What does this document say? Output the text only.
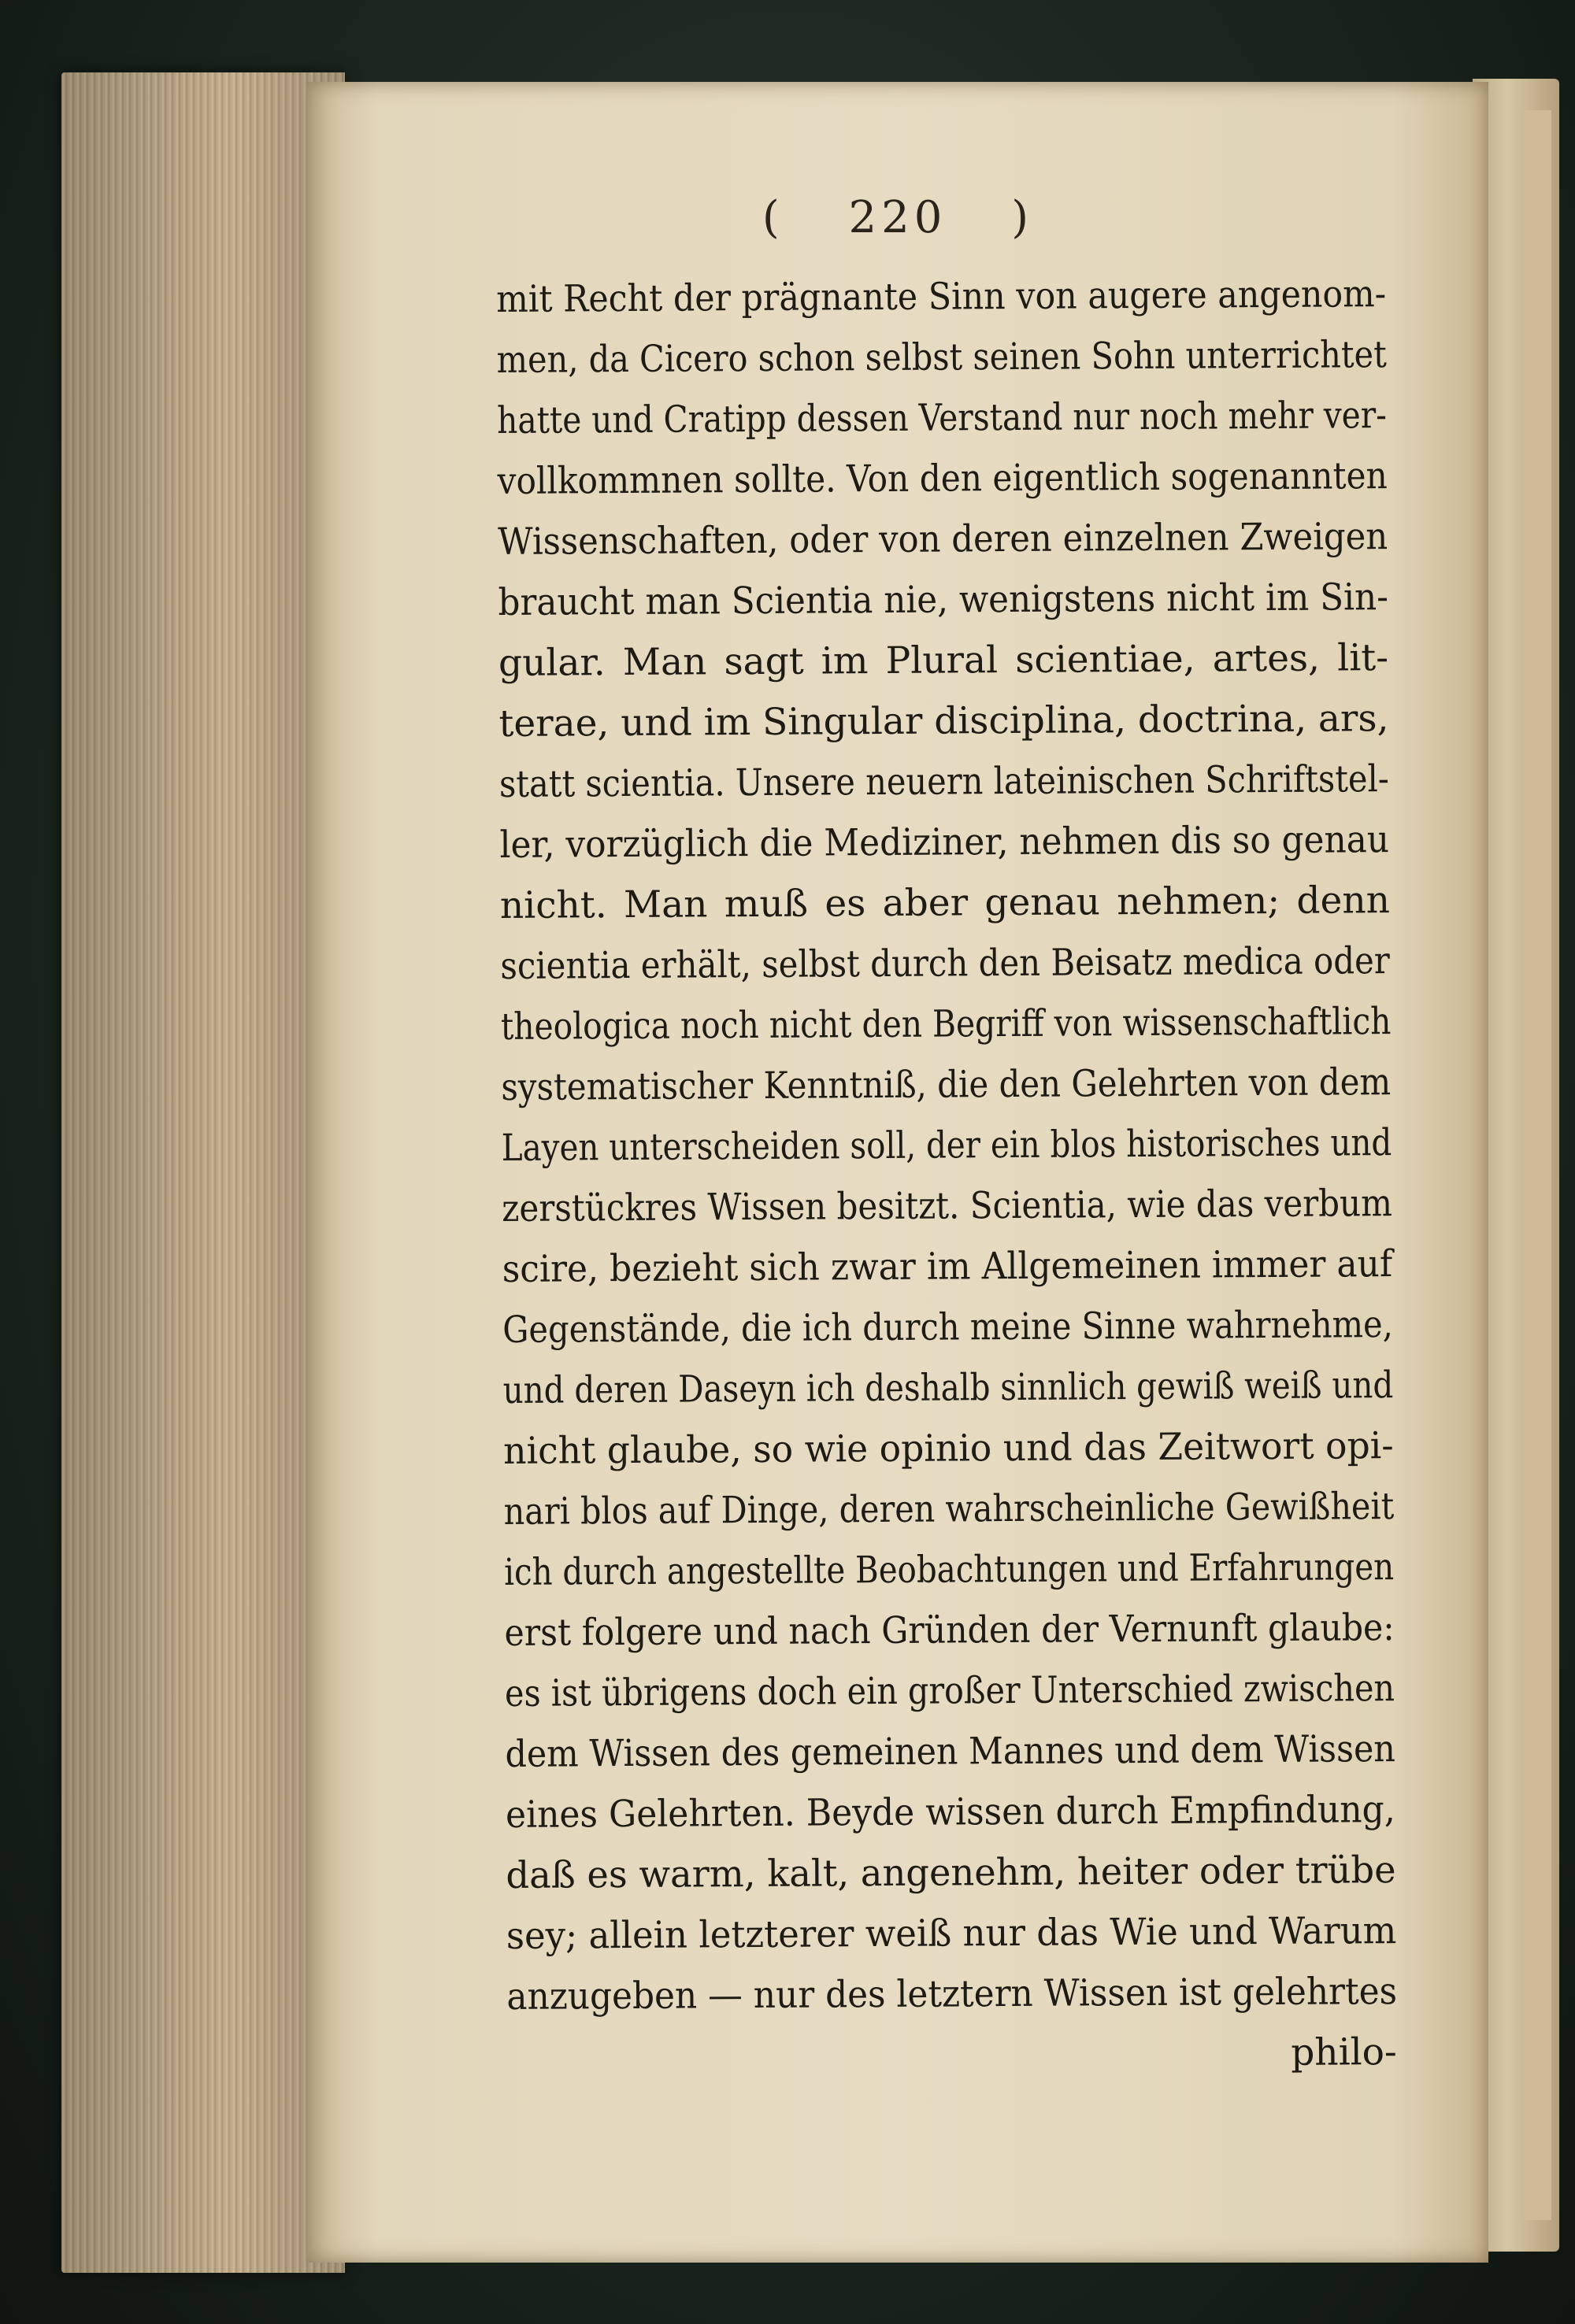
( 220 )
mit Recht der prägnante Sinn von augere angenom-
men, da Cicero schon selbst seinen Sohn unterrichtet
hatte und Cratipp dessen Verstand nur noch mehr ver-
vollkommnen sollte. Von den eigentlich sogenannten
Wissenschaften, oder von deren einzelnen Zweigen
braucht man Scientia nie, wenigstens nicht im Sin-
gular. Man sagt im Plural scientiae, artes, lit-
terae, und im Singular disciplina, doctrina, ars,
statt scientia. Unsere neuern lateinischen Schriftstel-
ler, vorzüglich die Mediziner, nehmen dis so genau
nicht. Man muß es aber genau nehmen; denn
scientia erhält, selbst durch den Beisatz medica oder
theologica noch nicht den Begriff von wissenschaftlich
systematischer Kenntniß, die den Gelehrten von dem
Layen unterscheiden soll, der ein blos historisches und
zerstückres Wissen besitzt. Scientia, wie das verbum
scire, bezieht sich zwar im Allgemeinen immer auf
Gegenstände, die ich durch meine Sinne wahrnehme,
und deren Daseyn ich deshalb sinnlich gewiß weiß und
nicht glaube, so wie opinio und das Zeitwort opi-
nari blos auf Dinge, deren wahrscheinliche Gewißheit
ich durch angestellte Beobachtungen und Erfahrungen
erst folgere und nach Gründen der Vernunft glaube:
es ist übrigens doch ein großer Unterschied zwischen
dem Wissen des gemeinen Mannes und dem Wissen
eines Gelehrten. Beyde wissen durch Empfindung,
daß es warm, kalt, angenehm, heiter oder trübe
sey; allein letzterer weiß nur das Wie und Warum
anzugeben — nur des letztern Wissen ist gelehrtes
philo-
